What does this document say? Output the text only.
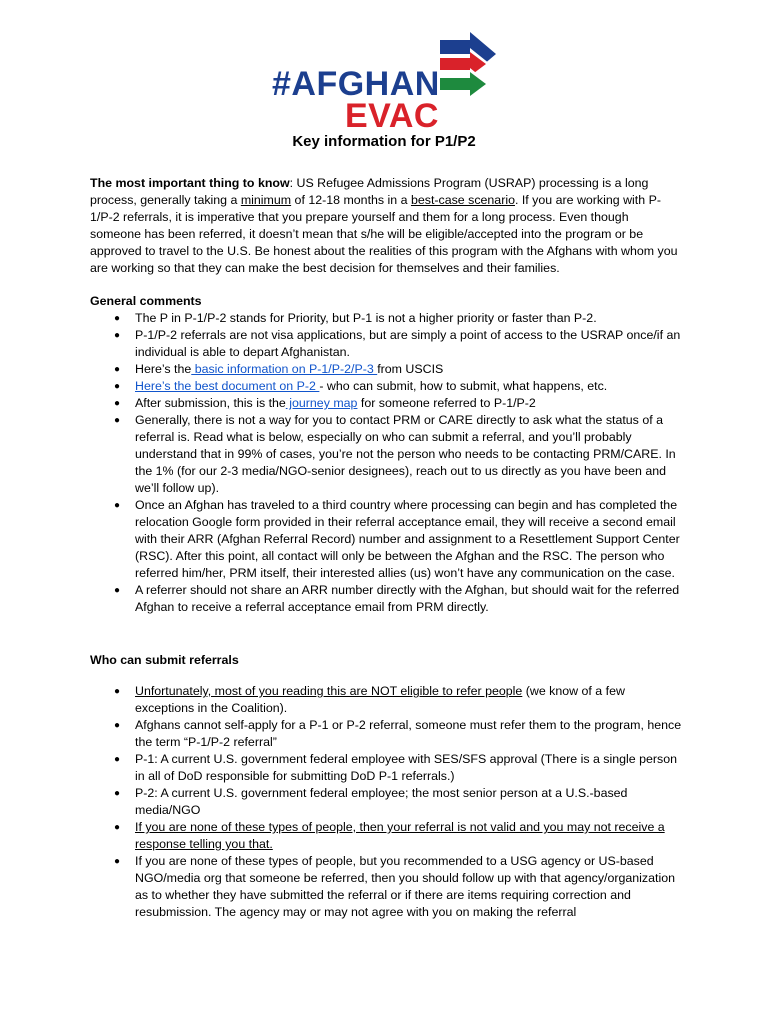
#AFGHAN
EVAC
Key information for P1/P2

The most important thing to know: US Refugee Admissions Program (USRAP) processing is a long process, generally taking a minimum of 12-18 months in a best-case scenario. If you are working with P-1/P-2 referrals, it is imperative that you prepare yourself and them for a long process. Even though someone has been referred, it doesn’t mean that s/he will be eligible/accepted into the program or be approved to travel to the U.S. Be honest about the realities of this program with the Afghans with whom you are working so that they can make the best decision for themselves and their families.

General comments
● The P in P-1/P-2 stands for Priority, but P-1 is not a higher priority or faster than P-2.
● P-1/P-2 referrals are not visa applications, but are simply a point of access to the USRAP once/if an individual is able to depart Afghanistan.
● Here’s the basic information on P-1/P-2/P-3 from USCIS
● Here’s the best document on P-2 - who can submit, how to submit, what happens, etc.
● After submission, this is the journey map for someone referred to P-1/P-2
● Generally, there is not a way for you to contact PRM or CARE directly to ask what the status of a referral is. Read what is below, especially on who can submit a referral, and you’ll probably understand that in 99% of cases, you’re not the person who needs to be contacting PRM/CARE. In the 1% (for our 2-3 media/NGO-senior designees), reach out to us directly as you have been and we’ll follow up).
● Once an Afghan has traveled to a third country where processing can begin and has completed the relocation Google form provided in their referral acceptance email, they will receive a second email with their ARR (Afghan Referral Record) number and assignment to a Resettlement Support Center (RSC). After this point, all contact will only be between the Afghan and the RSC. The person who referred him/her, PRM itself, their interested allies (us) won’t have any communication on the case.
● A referrer should not share an ARR number directly with the Afghan, but should wait for the referred Afghan to receive a referral acceptance email from PRM directly.
Who can submit referrals
● Unfortunately, most of you reading this are NOT eligible to refer people (we know of a few exceptions in the Coalition).
● Afghans cannot self-apply for a P-1 or P-2 referral, someone must refer them to the program, hence the term “P-1/P-2 referral”
● P-1: A current U.S. government federal employee with SES/SFS approval (There is a single person in all of DoD responsible for submitting DoD P-1 referrals.)
● P-2: A current U.S. government federal employee; the most senior person at a U.S.-based media/NGO
● If you are none of these types of people, then your referral is not valid and you may not receive a response telling you that.
● If you are none of these types of people, but you recommended to a USG agency or US-based NGO/media org that someone be referred, then you should follow up with that agency/organization as to whether they have submitted the referral or if there are items requiring correction and resubmission. The agency may or may not agree with you on making the referral
